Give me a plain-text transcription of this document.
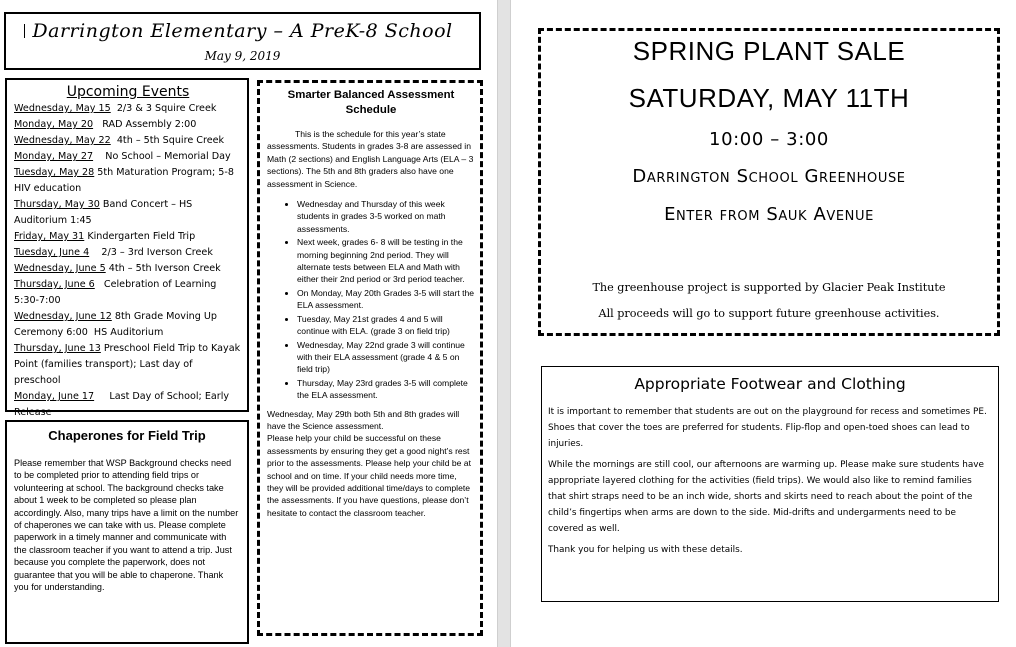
Darrington Elementary – A PreK-8 School
May 9, 2019
Upcoming Events
Wednesday, May 15  2/3 & 3 Squire Creek
Monday, May 20   RAD Assembly 2:00
Wednesday, May 22  4th – 5th Squire Creek
Monday, May 27    No School – Memorial Day
Tuesday, May 28 5th Maturation Program; 5-8 HIV education
Thursday, May 30 Band Concert – HS Auditorium 1:45
Friday, May 31 Kindergarten Field Trip
Tuesday, June 4    2/3 – 3rd Iverson Creek
Wednesday, June 5 4th – 5th Iverson Creek
Thursday, June 6   Celebration of Learning 5:30-7:00
Wednesday, June 12 8th Grade Moving Up Ceremony 6:00  HS Auditorium
Thursday, June 13 Preschool Field Trip to Kayak Point (families transport); Last day of preschool
Monday, June 17     Last Day of School; Early Release
Chaperones for Field Trip

Please remember that WSP Background checks need to be completed prior to attending field trips or volunteering at school. The background checks take about 1 week to be completed so please plan accordingly. Also, many trips have a limit on the number of chaperones we can take with us. Please complete paperwork in a timely manner and communicate with the classroom teacher if you want to attend a trip. Just because you complete the paperwork, does not guarantee that you will be able to chaperone. Thank you for understanding.

Smarter Balanced Assessment Schedule

This is the schedule for this year’s state assessments. Students in grades 3-8 are assessed in Math (2 sections) and English Language Arts (ELA – 3 sections). The 5th and 8th graders also have one assessment in Science.

• Wednesday and Thursday of this week students in grades 3-5 worked on math assessments.
• Next week, grades 6- 8 will be testing in the morning beginning 2nd period. They will alternate tests between ELA and Math with either their 2nd period or 3rd period teacher.
• On Monday, May 20th Grades 3-5 will start the ELA assessment.
• Tuesday, May 21st grades 4 and 5 will continue with ELA. (grade 3 on field trip)
• Wednesday, May 22nd grade 3 will continue with their ELA assessment (grade 4 & 5 on field trip)
• Thursday, May 23rd grades 3-5 will complete the ELA assessment.

Wednesday, May 29th both 5th and 8th grades will have the Science assessment.

Please help your child be successful on these assessments by ensuring they get a good night’s rest prior to the assessments. Please help your child be at school and on time. If your child needs more time, they will be provided additional time/days to complete the assessments. If you have questions, please don’t hesitate to contact the classroom teacher.

SPRING PLANT SALE
SATURDAY, MAY 11TH
10:00 – 3:00
Darrington School Greenhouse
Enter from Sauk Avenue
The greenhouse project is supported by Glacier Peak Institute
All proceeds will go to support future greenhouse activities.
Appropriate Footwear and Clothing

It is important to remember that students are out on the playground for recess and sometimes PE. Shoes that cover the toes are preferred for students. Flip-flop and open-toed shoes can lead to injuries.

While the mornings are still cool, our afternoons are warming up. Please make sure students have appropriate layered clothing for the activities (field trips). We would also like to remind families that shirt straps need to be an inch wide, shorts and skirts need to reach about the point of the child’s fingertips when arms are down to the side. Mid-drifts and undergarments need to be covered as well.

Thank you for helping us with these details.
